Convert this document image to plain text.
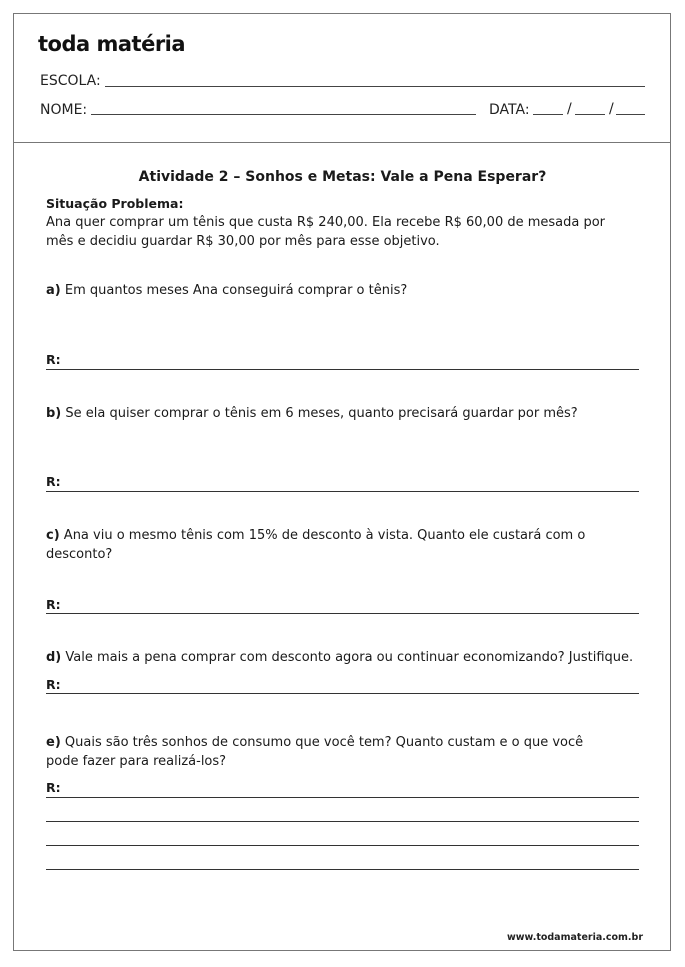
toda matéria
ESCOLA:
NOME:	DATA:	/	/
Atividade 2 – Sonhos e Metas: Vale a Pena Esperar?
Situação Problema:
Ana quer comprar um tênis que custa R$ 240,00. Ela recebe R$ 60,00 de mesada por mês e decidiu guardar R$ 30,00 por mês para esse objetivo.
a) Em quantos meses Ana conseguirá comprar o tênis?
R:
b) Se ela quiser comprar o tênis em 6 meses, quanto precisará guardar por mês?
R:
c) Ana viu o mesmo tênis com 15% de desconto à vista. Quanto ele custará com o desconto?
R:
d) Vale mais a pena comprar com desconto agora ou continuar economizando? Justifique.
R:
e) Quais são três sonhos de consumo que você tem? Quanto custam e o que você pode fazer para realizá-los?
R:
www.todamateria.com.br
